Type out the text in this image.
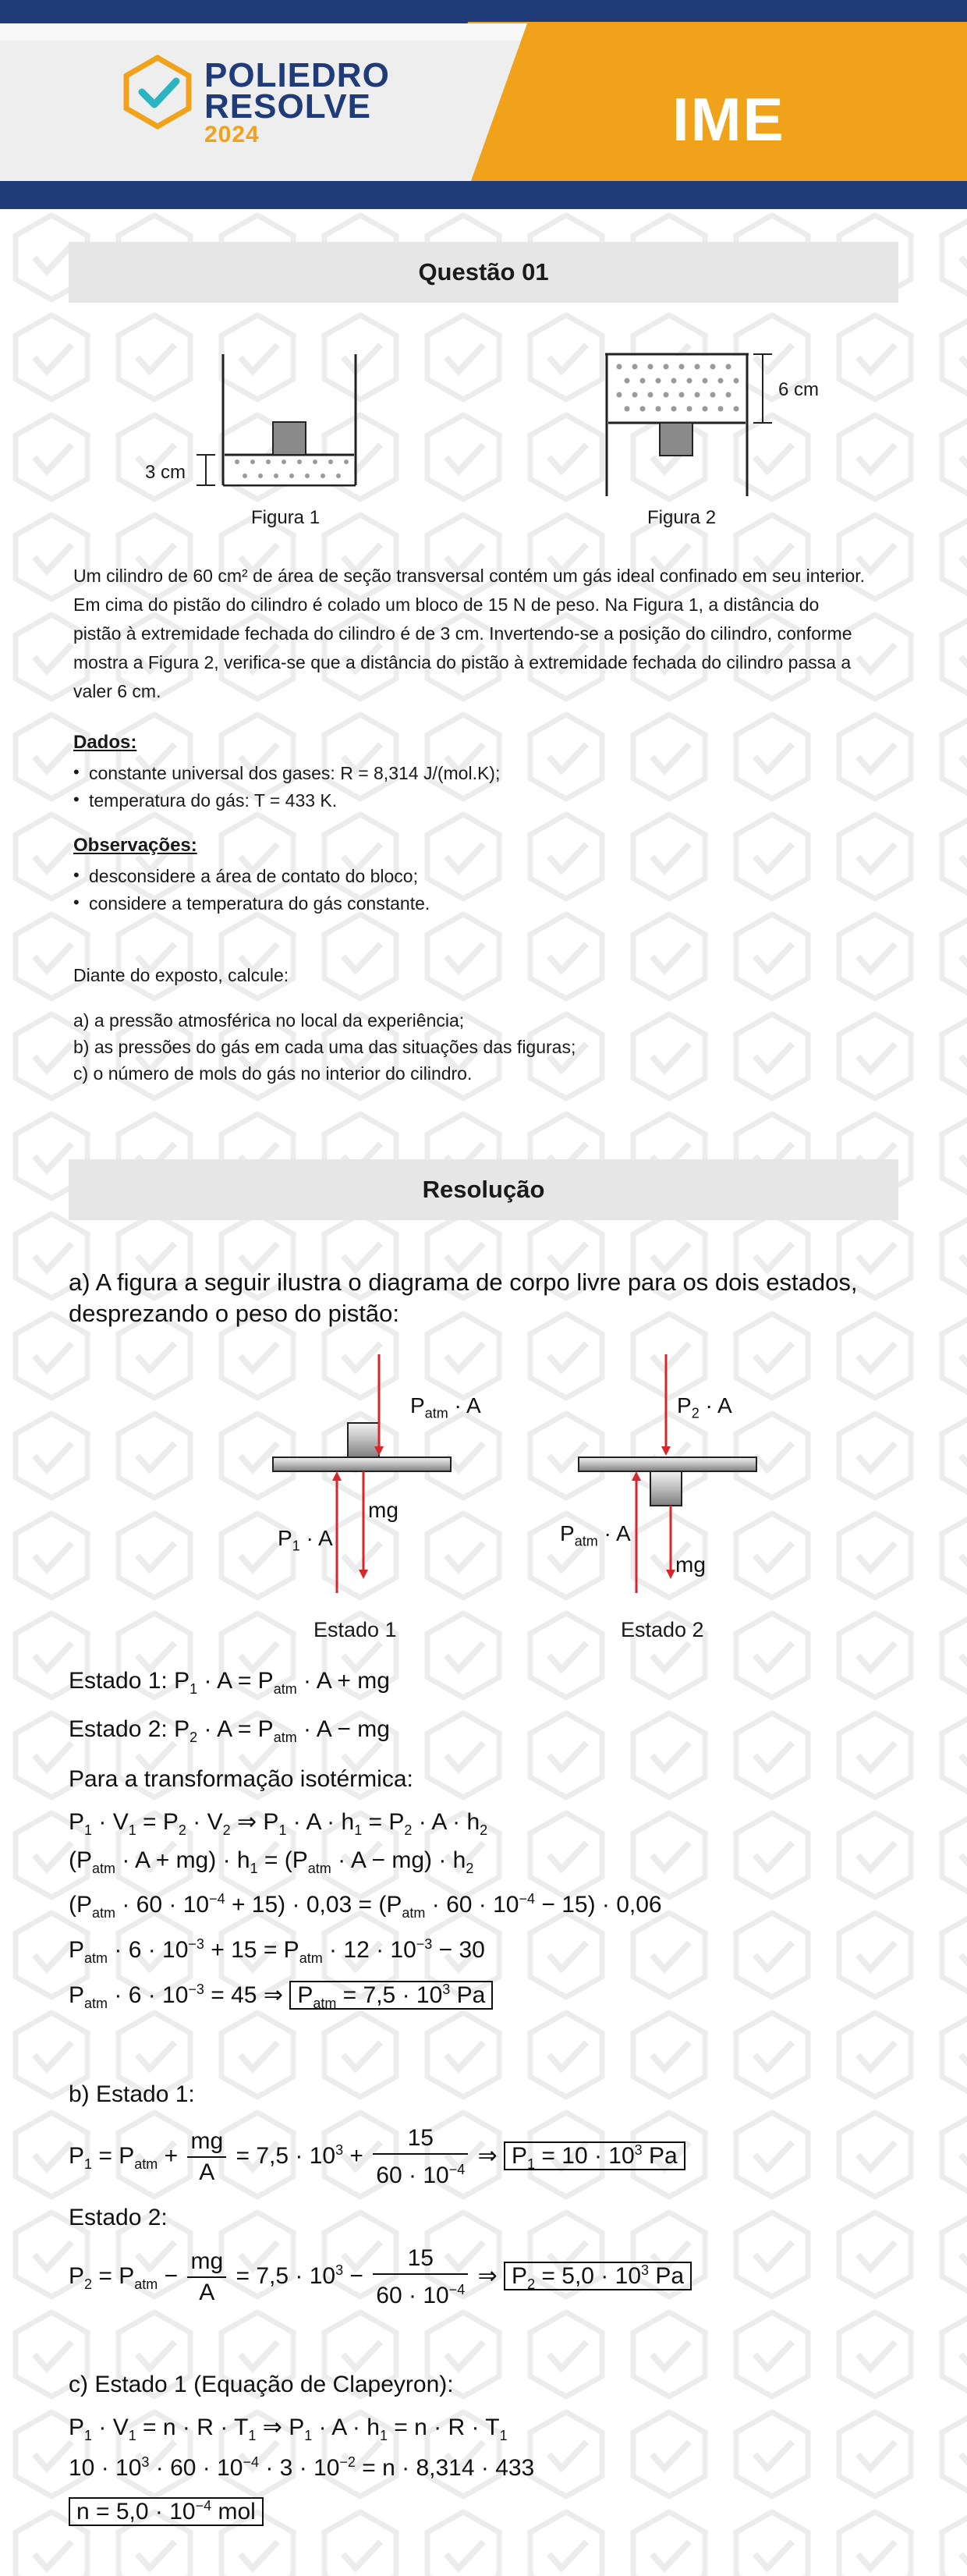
POLIEDRO
RESOLVE
2024	IME
Questão 01
3 cm
Figura 1
6 cm
Figura 2
Um cilindro de 60 cm² de área de seção transversal contém um gás ideal confinado em seu interior.
Em cima do pistão do cilindro é colado um bloco de 15 N de peso. Na Figura 1, a distância do
pistão à extremidade fechada do cilindro é de 3 cm. Invertendo-se a posição do cilindro, conforme
mostra a Figura 2, verifica-se que a distância do pistão à extremidade fechada do cilindro passa a
valer 6 cm.
Dados:
• constante universal dos gases: R = 8,314 J/(mol.K);
• temperatura do gás: T = 433 K.
Observações:
• desconsidere a área de contato do bloco;
• considere a temperatura do gás constante.
Diante do exposto, calcule:
a) a pressão atmosférica no local da experiência;
b) as pressões do gás em cada uma das situações das figuras;
c) o número de mols do gás no interior do cilindro.
Resolução
a) A figura a seguir ilustra o diagrama de corpo livre para os dois estados,
desprezando o peso do pistão:
$P_{atm} \cdot A$
mg
$P_1 \cdot A$
Estado 1
$P_2 \cdot A$
$P_{atm} \cdot A$
mg
Estado 2
Estado 1: $P_1 \cdot A = P_{atm} \cdot A$ + mg
Estado 2: $P_2 \cdot A = P_{atm} \cdot A$ − mg
Para a transformação isotérmica:
$P_1 \cdot V_1 = P_2 \cdot V_2$ ⇒ $P_1 \cdot A \cdot h_1 = P_2 \cdot A \cdot h_2$
$(P_{atm} \cdot A + mg) \cdot h_1 = (P_{atm} \cdot A - mg) \cdot h_2$
$(P_{atm} \cdot 60 \cdot 10^{-4} + 15) \cdot 0,03 = (P_{atm} \cdot 60 \cdot 10^{-4} - 15) \cdot 0,06$
$P_{atm} \cdot 6 \cdot 10^{-3} + 15 = P_{atm} \cdot 12 \cdot 10^{-3} - 30$
$P_{atm} \cdot 6 \cdot 10^{-3} = 45$ ⇒ $P_{atm} = 7,5 \cdot 10^3$ Pa
b) Estado 1:
$P_1 = P_{atm} + \frac{mg}{A} = 7,5 \cdot 10^3 + \frac{15}{60 \cdot 10^{-4}}$ ⇒ $P_1 = 10 \cdot 10^3$ Pa
Estado 2:
$P_2 = P_{atm} - \frac{mg}{A} = 7,5 \cdot 10^3 - \frac{15}{60 \cdot 10^{-4}}$ ⇒ $P_2 = 5,0 \cdot 10^3$ Pa
c) Estado 1 (Equação de Clapeyron):
$P_1 \cdot V_1 = n \cdot R \cdot T_1$ ⇒ $P_1 \cdot A \cdot h_1 = n \cdot R \cdot T_1$
$10 \cdot 10^3 \cdot 60 \cdot 10^{-4} \cdot 3 \cdot 10^{-2} = n \cdot 8,314 \cdot 433$
$n = 5,0 \cdot 10^{-4}$ mol
